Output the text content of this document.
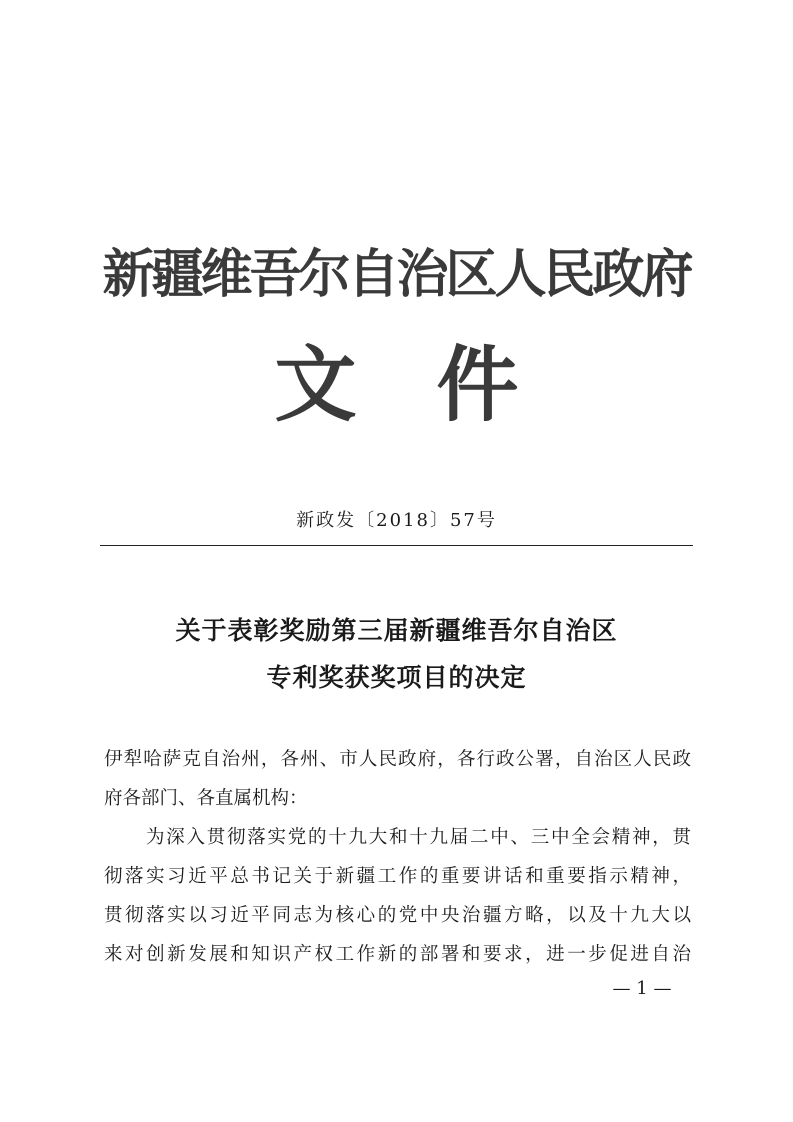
新疆维吾尔自治区人民政府
文件
新政发〔2018〕57号
关于表彰奖励第三届新疆维吾尔自治区
专利奖获奖项目的决定
伊犁哈萨克自治州，各州、市人民政府，各行政公署，自治区人民政
府各部门、各直属机构：
为深入贯彻落实党的十九大和十九届二中、三中全会精神，贯
彻落实习近平总书记关于新疆工作的重要讲话和重要指示精神，
贯彻落实以习近平同志为核心的党中央治疆方略，以及十九大以
来对创新发展和知识产权工作新的部署和要求，进一步促进自治
— 1 —
